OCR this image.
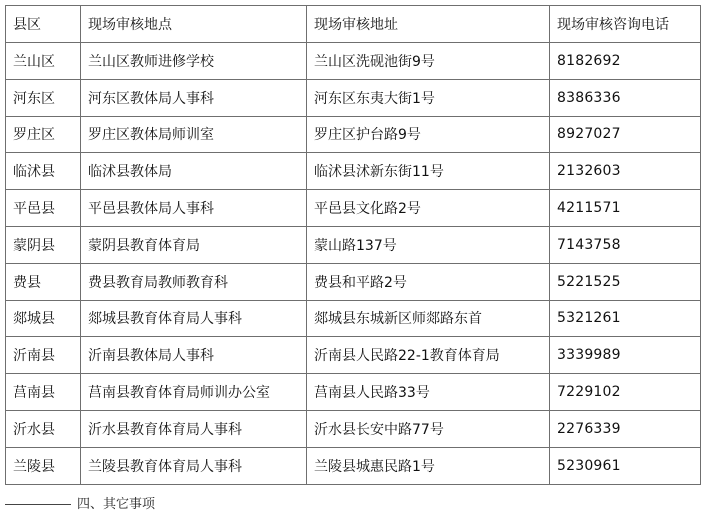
县区	现场审核地点	现场审核地址	现场审核咨询电话
兰山区	兰山区教师进修学校	兰山区洗砚池街9号	8182692
河东区	河东区教体局人事科	河东区东夷大街1号	8386336
罗庄区	罗庄区教体局师训室	罗庄区护台路9号	8927027
临沭县	临沭县教体局	临沭县沭新东街11号	2132603
平邑县	平邑县教体局人事科	平邑县文化路2号	4211571
蒙阴县	蒙阴县教育体育局	蒙山路137号	7143758
费县	费县教育局教师教育科	费县和平路2号	5221525
郯城县	郯城县教育体育局人事科	郯城县东城新区师郯路东首	5321261
沂南县	沂南县教体局人事科	沂南县人民路22-1教育体育局	3339989
莒南县	莒南县教育体育局师训办公室	莒南县人民路33号	7229102
沂水县	沂水县教育体育局人事科	沂水县长安中路77号	2276339
兰陵县	兰陵县教育体育局人事科	兰陵县城惠民路1号	5230961
四、其它事项
